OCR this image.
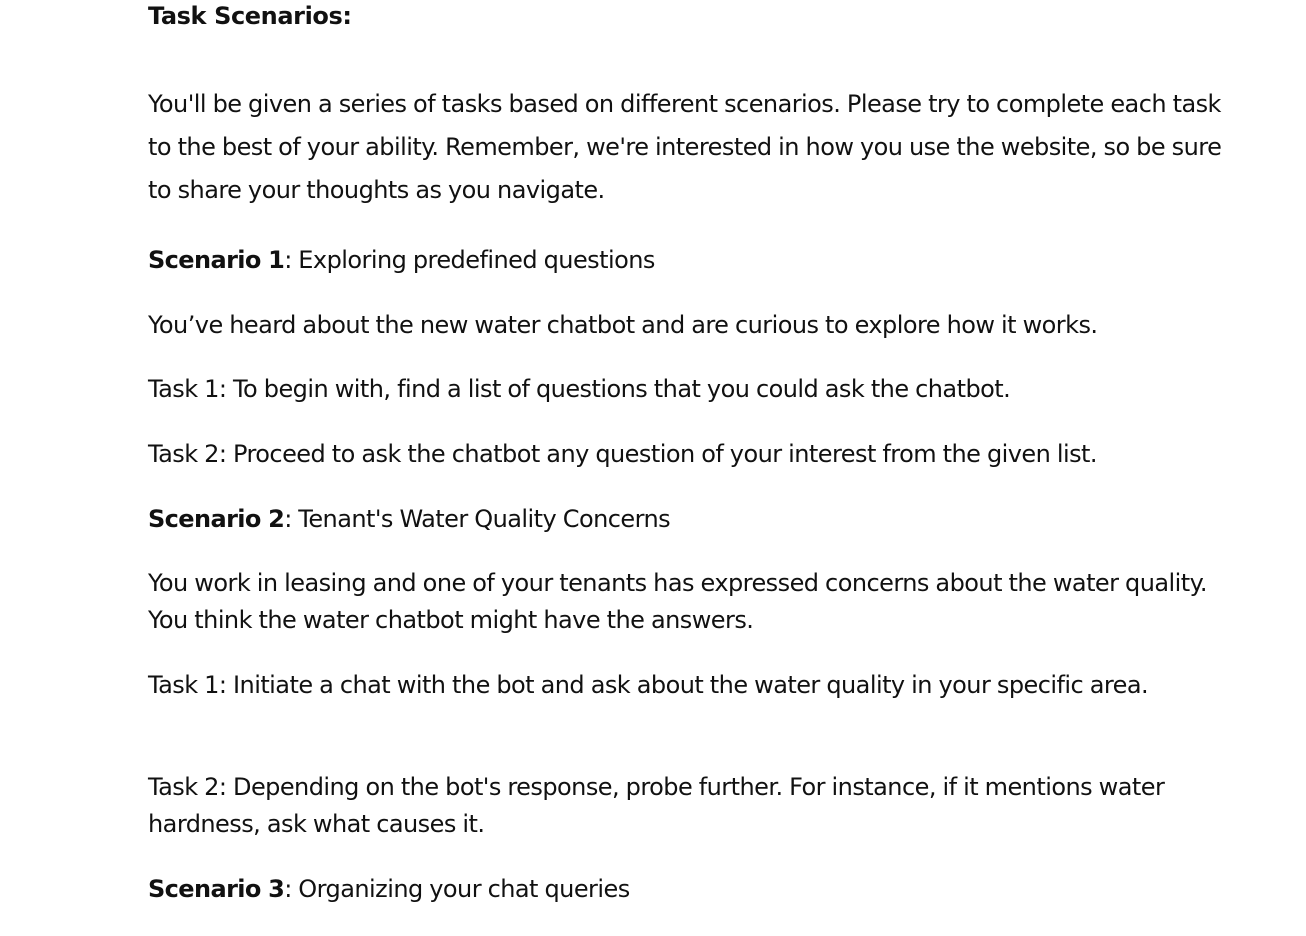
Task Scenarios:
You'll be given a series of tasks based on different scenarios. Please try to complete each task to the best of your ability. Remember, we're interested in how you use the website, so be sure to share your thoughts as you navigate.
Scenario 1: Exploring predefined questions
You’ve heard about the new water chatbot and are curious to explore how it works.
Task 1: To begin with, find a list of questions that you could ask the chatbot.
Task 2: Proceed to ask the chatbot any question of your interest from the given list.
Scenario 2: Tenant's Water Quality Concerns
You work in leasing and one of your tenants has expressed concerns about the water quality. You think the water chatbot might have the answers.
Task 1: Initiate a chat with the bot and ask about the water quality in your specific area.
Task 2: Depending on the bot's response, probe further. For instance, if it mentions water hardness, ask what causes it.
Scenario 3: Organizing your chat queries
